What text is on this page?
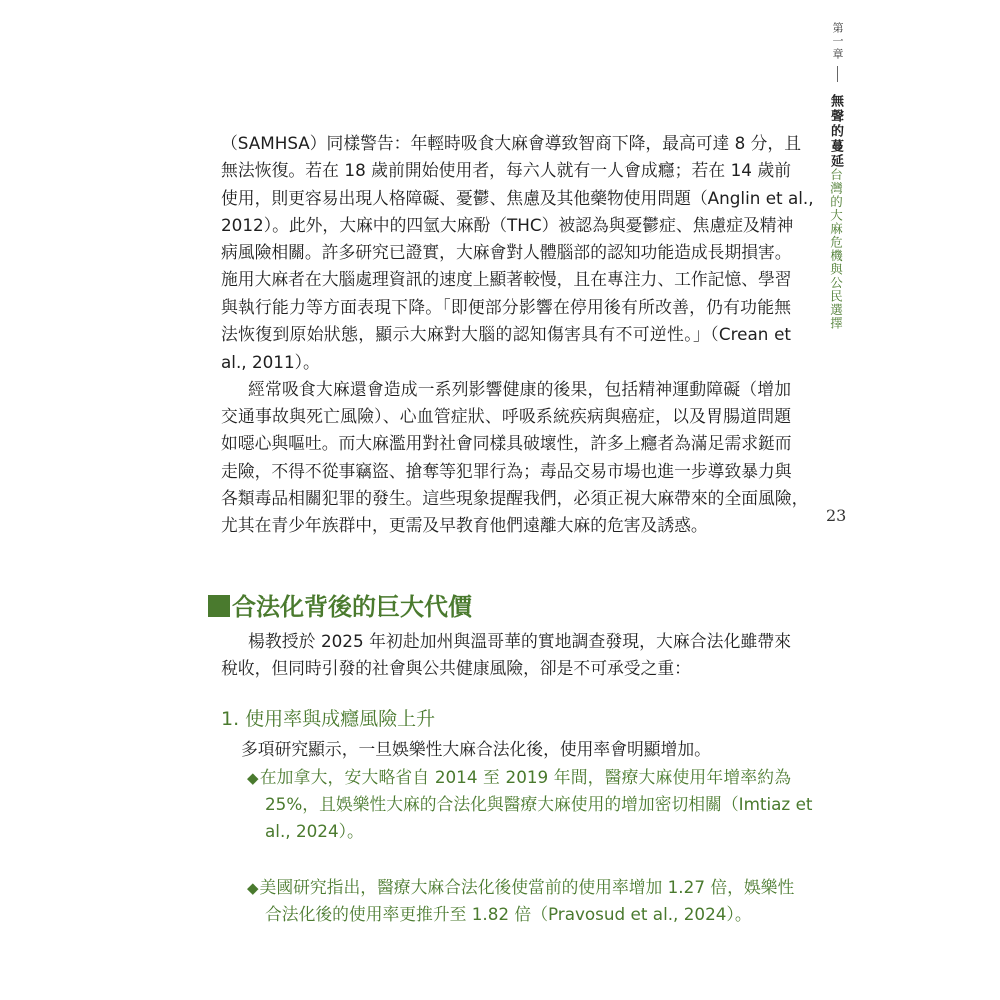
第一章
無聲的蔓延
台灣的大麻危機與公民選擇
23
（SAMHSA）同樣警告：年輕時吸食大麻會導致智商下降，最高可達 8 分，且
無法恢復。若在 18 歲前開始使用者，每六人就有一人會成癮；若在 14 歲前
使用，則更容易出現人格障礙、憂鬱、焦慮及其他藥物使用問題（Anglin et al.,
2012）。此外，大麻中的四氫大麻酚（THC）被認為與憂鬱症、焦慮症及精神
病風險相關。許多研究已證實，大麻會對人體腦部的認知功能造成長期損害。
施用大麻者在大腦處理資訊的速度上顯著較慢，且在專注力、工作記憶、學習
與執行能力等方面表現下降。「即便部分影響在停用後有所改善，仍有功能無
法恢復到原始狀態，顯示大麻對大腦的認知傷害具有不可逆性。」（Crean et
al., 2011）。
經常吸食大麻還會造成一系列影響健康的後果，包括精神運動障礙（增加
交通事故與死亡風險）、心血管症狀、呼吸系統疾病與癌症，以及胃腸道問題
如噁心與嘔吐。而大麻濫用對社會同樣具破壞性，許多上癮者為滿足需求鋌而
走險，不得不從事竊盜、搶奪等犯罪行為；毒品交易市場也進一步導致暴力與
各類毒品相關犯罪的發生。這些現象提醒我們，必須正視大麻帶來的全面風險，
尤其在青少年族群中，更需及早教育他們遠離大麻的危害及誘惑。
合法化背後的巨大代價
楊教授於 2025 年初赴加州與溫哥華的實地調查發現，大麻合法化雖帶來
稅收，但同時引發的社會與公共健康風險，卻是不可承受之重：
1. 使用率與成癮風險上升
多項研究顯示，一旦娛樂性大麻合法化後，使用率會明顯增加。
◆在加拿大，安大略省自 2014 至 2019 年間，醫療大麻使用年增率約為
25%，且娛樂性大麻的合法化與醫療大麻使用的增加密切相關（Imtiaz et
al., 2024）。
◆美國研究指出，醫療大麻合法化後使當前的使用率增加 1.27 倍，娛樂性
合法化後的使用率更推升至 1.82 倍（Pravosud et al., 2024）。
